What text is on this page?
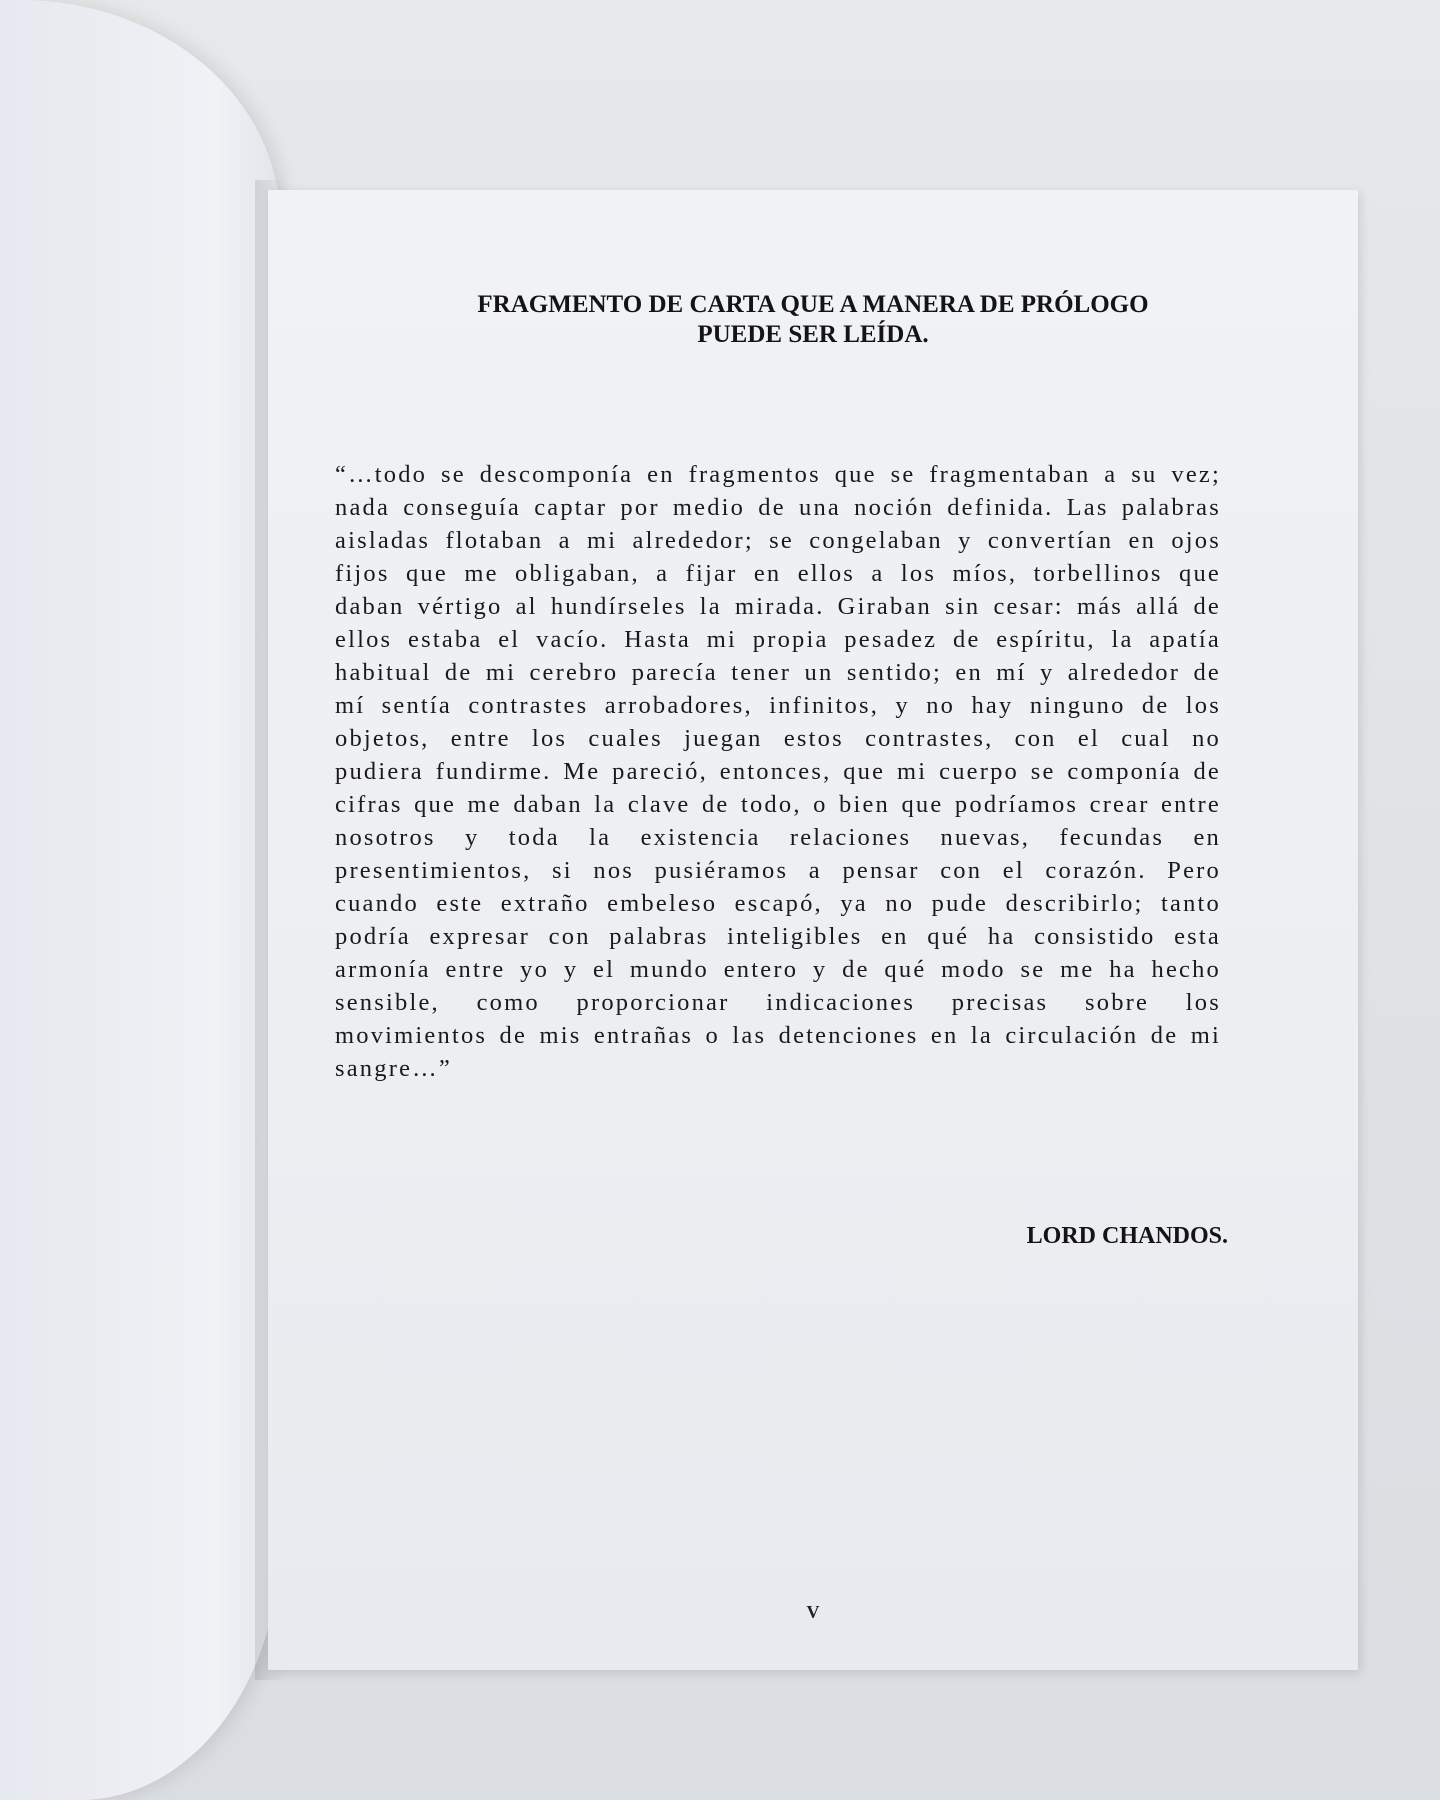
FRAGMENTO DE CARTA QUE A MANERA DE PRÓLOGO
PUEDE SER LEÍDA.

“…todo se descomponía en fragmentos que se fragmentaban a su vez; nada conseguía captar por medio de una noción definida. Las palabras aisladas flotaban a mi alrededor; se congelaban y convertían en ojos fijos que me obligaban, a fijar en ellos a los míos, torbellinos que daban vértigo al hundírseles la mirada. Giraban sin cesar: más allá de ellos estaba el vacío. Hasta mi propia pesadez de espíritu, la apatía habitual de mi cerebro parecía tener un sentido; en mí y alrededor de mí sentía contrastes arrobadores, infinitos, y no hay ninguno de los objetos, entre los cuales juegan estos contrastes, con el cual no pudiera fundirme. Me pareció, entonces, que mi cuerpo se componía de cifras que me daban la clave de todo, o bien que podríamos crear entre nosotros y toda la existencia relaciones nuevas, fecundas en presentimientos, si nos pusiéramos a pensar con el corazón. Pero cuando este extraño embeleso escapó, ya no pude describirlo; tanto podría expresar con palabras inteligibles en qué ha consistido esta armonía entre yo y el mundo entero y de qué modo se me ha hecho sensible, como proporcionar indicaciones precisas sobre los movimientos de mis entrañas o las detenciones en la circulación de mi sangre…”

LORD CHANDOS.

V
